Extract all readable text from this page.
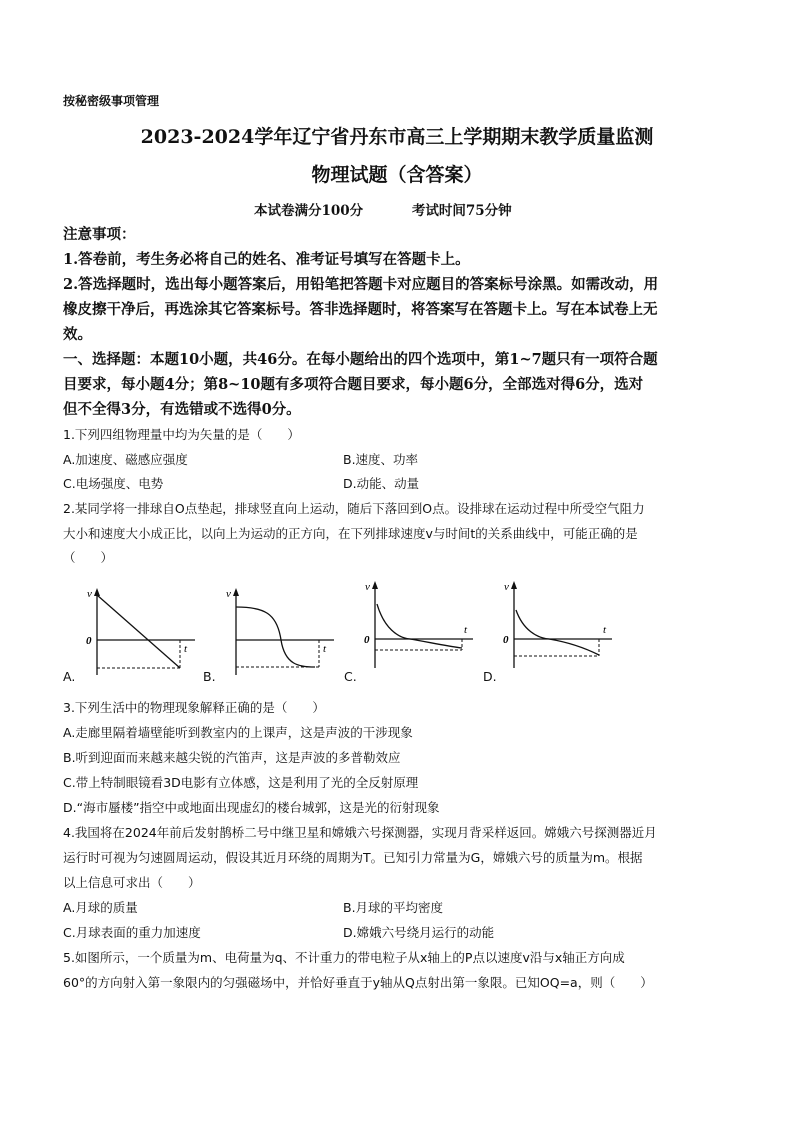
按秘密级事项管理
2023-2024学年辽宁省丹东市高三上学期期末教学质量监测
物理试题（含答案）
本试卷满分100分	考试时间75分钟
注意事项：
1.答卷前，考生务必将自己的姓名、准考证号填写在答题卡上。
2.答选择题时，选出每小题答案后，用铅笔把答题卡对应题目的答案标号涂黑。如需改动，用
橡皮擦干净后，再选涂其它答案标号。答非选择题时，将答案写在答题卡上。写在本试卷上无
效。
一、选择题：本题10小题，共46分。在每小题给出的四个选项中，第1~7题只有一项符合题
目要求，每小题4分；第8~10题有多项符合题目要求，每小题6分，全部选对得6分，选对
但不全得3分，有选错或不选得0分。
1.下列四组物理量中均为矢量的是（　　）
A.加速度、磁感应强度	B.速度、功率
C.电场强度、电势	D.动能、动量
2.某同学将一排球自O点垫起，排球竖直向上运动，随后下落回到O点。设排球在运动过程中所受空气阻力
大小和速度大小成正比，以向上为运动的正方向，在下列排球速度v与时间t的关系曲线中，可能正确的是
（　　）
v
0
t
A.
v
t
B.
v
0
t
C.
v
0
t
D.
3.下列生活中的物理现象解释正确的是（　　）
A.走廊里隔着墙壁能听到教室内的上课声，这是声波的干涉现象
B.听到迎面而来越来越尖锐的汽笛声，这是声波的多普勒效应
C.带上特制眼镜看3D电影有立体感，这是利用了光的全反射原理
D.“海市蜃楼”指空中或地面出现虚幻的楼台城郭，这是光的衍射现象
4.我国将在2024年前后发射鹊桥二号中继卫星和嫦娥六号探测器，实现月背采样返回。嫦娥六号探测器近月
运行时可视为匀速圆周运动，假设其近月环绕的周期为T。已知引力常量为G，嫦娥六号的质量为m。根据
以上信息可求出（　　）
A.月球的质量	B.月球的平均密度
C.月球表面的重力加速度	D.嫦娥六号绕月运行的动能
5.如图所示，一个质量为m、电荷量为q、不计重力的带电粒子从x轴上的P点以速度v沿与x轴正方向成
60°的方向射入第一象限内的匀强磁场中，并恰好垂直于y轴从Q点射出第一象限。已知OQ=a，则（　　）
